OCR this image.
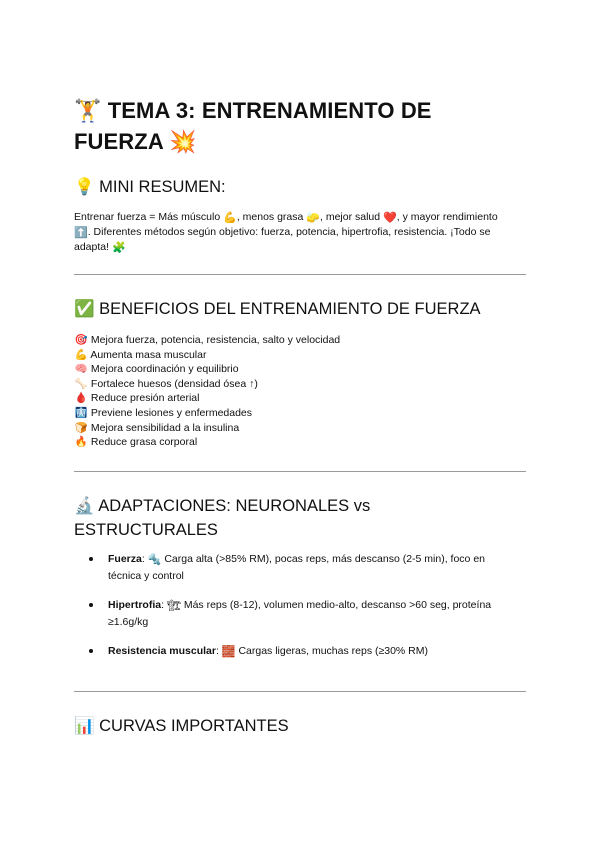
🏋 TEMA 3: ENTRENAMIENTO DE
FUERZA 💥
💡 MINI RESUMEN:

Entrenar fuerza = Más músculo 💪, menos grasa 🧽, mejor salud ❤️, y mayor rendimiento
⬆️. Diferentes métodos según objetivo: fuerza, potencia, hipertrofia, resistencia. ¡Todo se
adapta! 🧩

✅ BENEFICIOS DEL ENTRENAMIENTO DE FUERZA
🎯 Mejora fuerza, potencia, resistencia, salto y velocidad
💪 Aumenta masa muscular
🧠 Mejora coordinación y equilibrio
🦴 Fortalece huesos (densidad ósea ↑)
🩸 Reduce presión arterial
🩻 Previene lesiones y enfermedades
🍞 Mejora sensibilidad a la insulina
🔥 Reduce grasa corporal
🔬 ADAPTACIONES: NEURONALES vs
ESTRUCTURALES
Fuerza: 🔩 Carga alta (>85% RM), pocas reps, más descanso (2-5 min), foco en
técnica y control
Hipertrofia: 🏗 Más reps (8-12), volumen medio-alto, descanso >60 seg, proteína
≥1.6g/kg
Resistencia muscular: 🧱 Cargas ligeras, muchas reps (≥30% RM)
📊 CURVAS IMPORTANTES
